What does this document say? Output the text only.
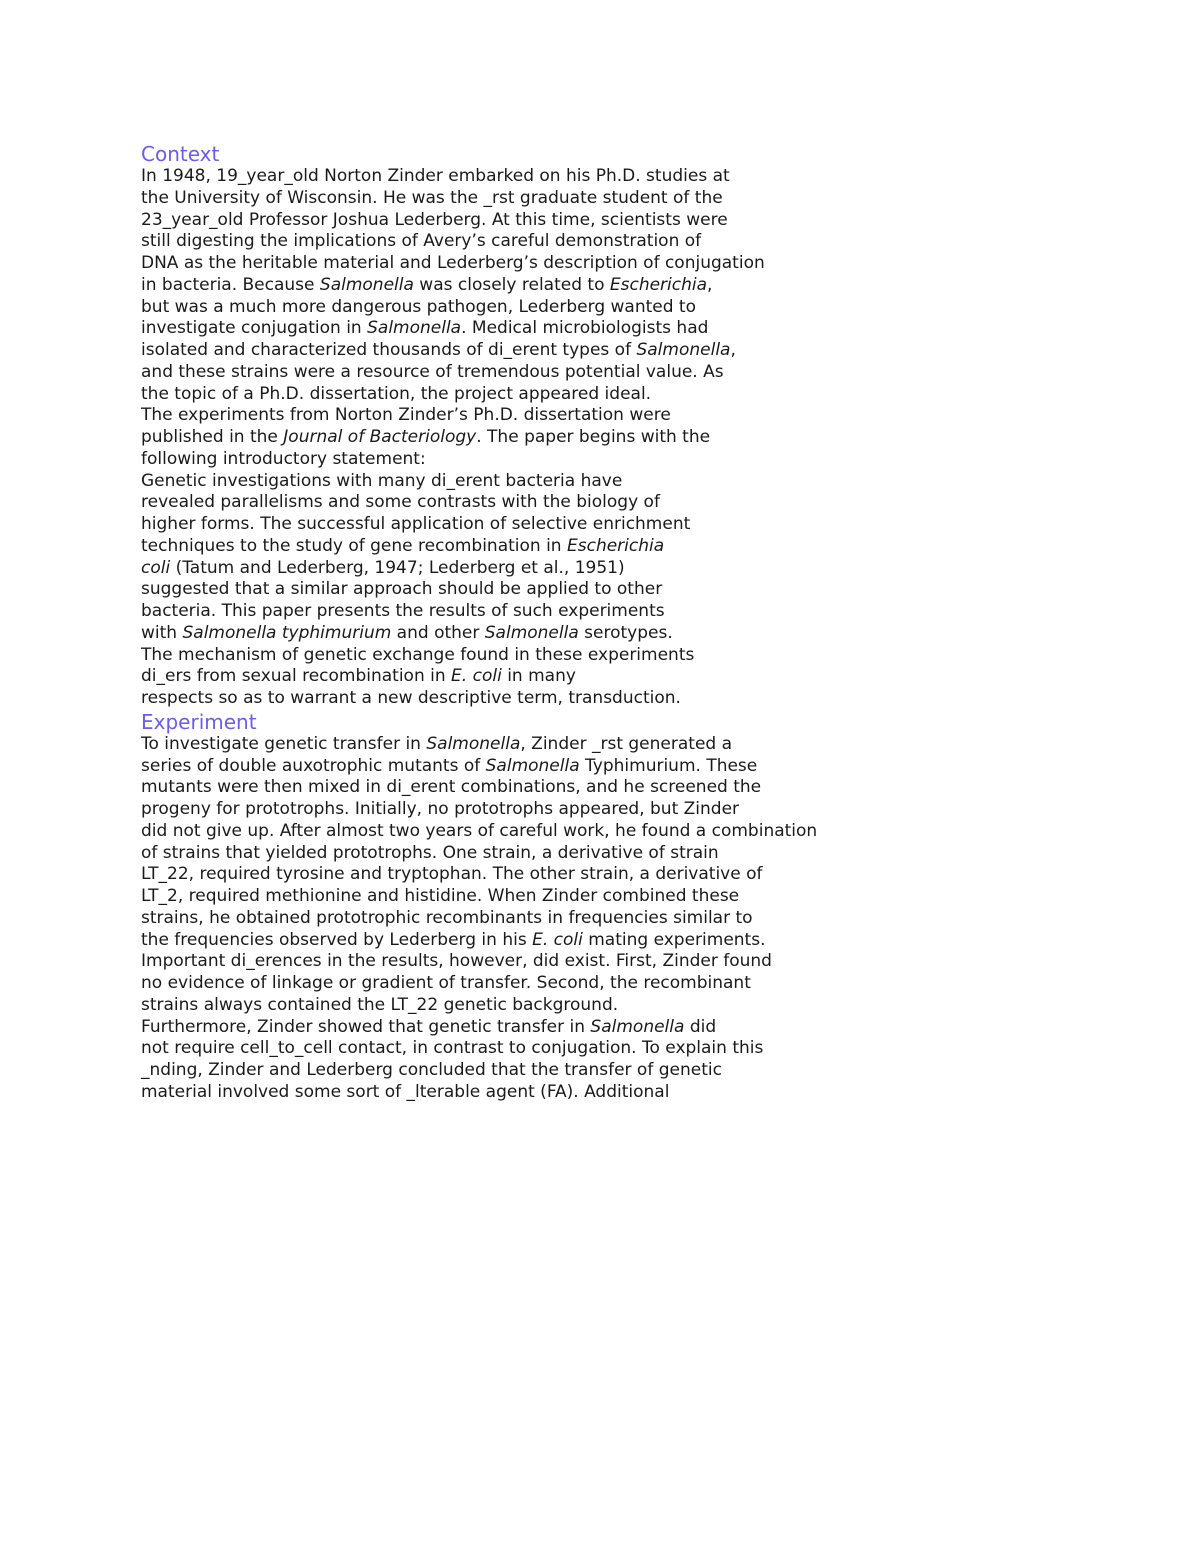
Context
In 1948, 19_year_old Norton Zinder embarked on his Ph.D. studies at
the University of Wisconsin. He was the _rst graduate student of the
23_year_old Professor Joshua Lederberg. At this time, scientists were
still digesting the implications of Avery’s careful demonstration of
DNA as the heritable material and Lederberg’s description of conjugation
in bacteria. Because Salmonella was closely related to Escherichia,
but was a much more dangerous pathogen, Lederberg wanted to
investigate conjugation in Salmonella. Medical microbiologists had
isolated and characterized thousands of di_erent types of Salmonella,
and these strains were a resource of tremendous potential value. As
the topic of a Ph.D. dissertation, the project appeared ideal.
The experiments from Norton Zinder’s Ph.D. dissertation were
published in the Journal of Bacteriology. The paper begins with the
following introductory statement:
Genetic investigations with many di_erent bacteria have
revealed parallelisms and some contrasts with the biology of
higher forms. The successful application of selective enrichment
techniques to the study of gene recombination in Escherichia
coli (Tatum and Lederberg, 1947; Lederberg et al., 1951)
suggested that a similar approach should be applied to other
bacteria. This paper presents the results of such experiments
with Salmonella typhimurium and other Salmonella serotypes.
The mechanism of genetic exchange found in these experiments
di_ers from sexual recombination in E. coli in many
respects so as to warrant a new descriptive term, transduction.
Experiment
To investigate genetic transfer in Salmonella, Zinder _rst generated a
series of double auxotrophic mutants of Salmonella Typhimurium. These
mutants were then mixed in di_erent combinations, and he screened the
progeny for prototrophs. Initially, no prototrophs appeared, but Zinder
did not give up. After almost two years of careful work, he found a combination
of strains that yielded prototrophs. One strain, a derivative of strain
LT_22, required tyrosine and tryptophan. The other strain, a derivative of
LT_2, required methionine and histidine. When Zinder combined these
strains, he obtained prototrophic recombinants in frequencies similar to
the frequencies observed by Lederberg in his E. coli mating experiments.
Important di_erences in the results, however, did exist. First, Zinder found
no evidence of linkage or gradient of transfer. Second, the recombinant
strains always contained the LT_22 genetic background.
Furthermore, Zinder showed that genetic transfer in Salmonella did
not require cell_to_cell contact, in contrast to conjugation. To explain this
_nding, Zinder and Lederberg concluded that the transfer of genetic
material involved some sort of _lterable agent (FA). Additional
